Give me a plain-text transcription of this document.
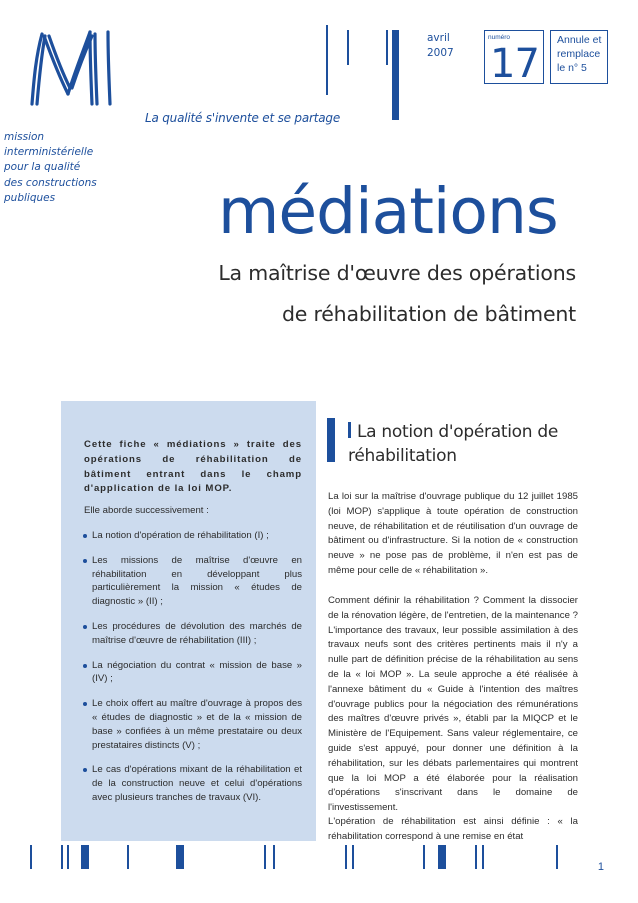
mission
interministérielle
pour la qualité
des constructions
publiques
La qualité s'invente et se partage
avril
2007
numéro
17
Annule et
remplace
le n° 5
médiations
La maîtrise d'œuvre des opérations
de réhabilitation de bâtiment
Cette fiche « médiations » traite des opérations de réhabilitation de bâtiment entrant dans le champ d'application de la loi MOP.
Elle aborde successivement :
La notion d'opération de réhabilitation (I) ;
Les missions de maîtrise d'œuvre en réhabilitation en développant plus particulièrement la mission « études de diagnostic » (II) ;
Les procédures de dévolution des marchés de maîtrise d'œuvre de réhabilitation (III) ;
La négociation du contrat « mission de base » (IV) ;
Le choix offert au maître d'ouvrage à propos des « études de diagnostic » et de la « mission de base » confiées à un même prestataire ou deux prestataires distincts (V) ;
Le cas d'opérations mixant de la réhabilitation et de la construction neuve et celui d'opérations avec plusieurs tranches de travaux (VI).
La notion d'opération de réhabilitation
La loi sur la maîtrise d'ouvrage publique du 12 juillet 1985 (loi MOP) s'applique à toute opération de construction neuve, de réhabilitation et de réutilisation d'un ouvrage de bâtiment ou d'infrastructure. Si la notion de « construction neuve » ne pose pas de problème, il n'en est pas de même pour celle de « réhabilitation ».
Comment définir la réhabilitation ? Comment la dissocier de la rénovation légère, de l'entretien, de la maintenance ? L'importance des travaux, leur possible assimilation à des travaux neufs sont des critères pertinents mais il n'y a nulle part de définition précise de la réhabilitation au sens de la « loi MOP ». La seule approche a été réalisée à l'annexe bâtiment du « Guide à l'intention des maîtres d'ouvrage publics pour la négociation des rémunérations des maîtres d'œuvre privés », établi par la MIQCP et le Ministère de l'Equipement. Sans valeur réglementaire, ce guide s'est appuyé, pour donner une définition à la réhabilitation, sur les débats parlementaires qui montrent que la loi MOP a été élaborée pour la réalisation d'opérations s'inscrivant dans le domaine de l'investissement.
L'opération de réhabilitation est ainsi définie : « la réhabilitation correspond à une remise en état
1
